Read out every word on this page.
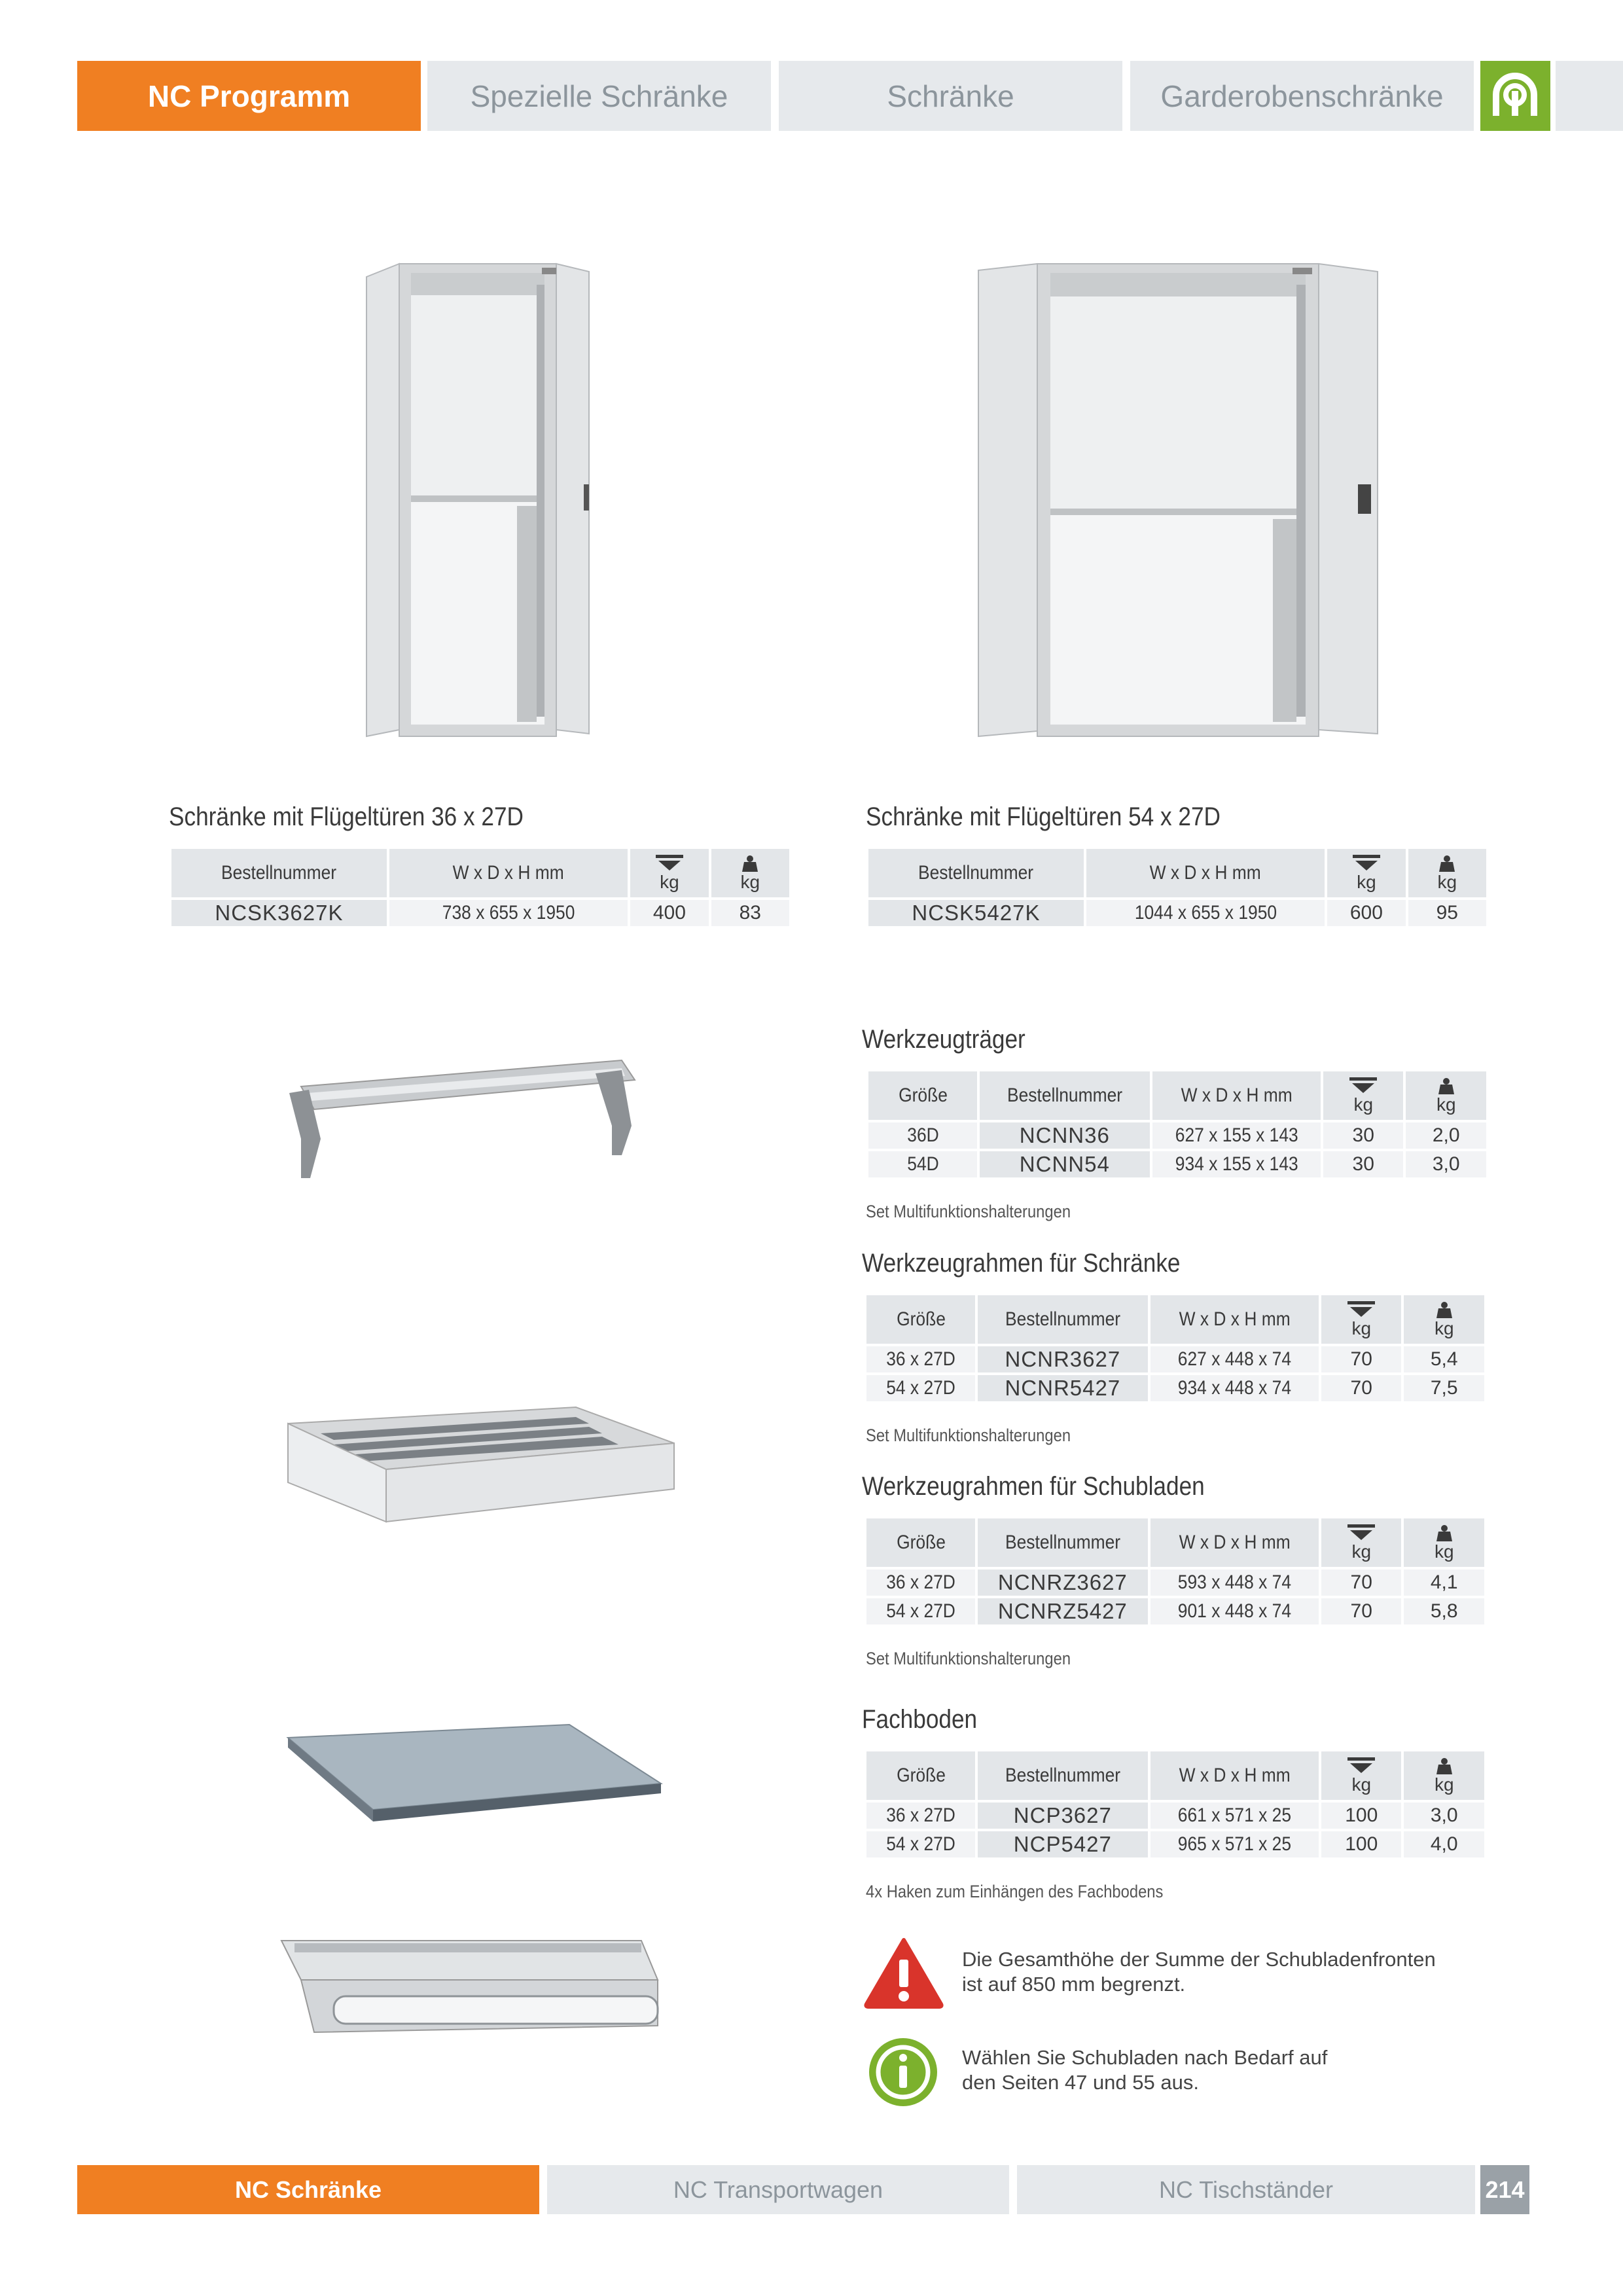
NC Programm	Spezielle Schränke	Schränke	Garderobenschränke
Schränke mit Flügeltüren 36 x 27D
Bestellnummer	W x D x H mm	kg	kg

NCSK3627K	738 x 655 x 1950	400	83
Schränke mit Flügeltüren 54 x 27D
Bestellnummer	W x D x H mm	kg	kg

NCSK5427K	1044 x 655 x 1950	600	95
Werkzeugträger
Größe	Bestellnummer	W x D x H mm	kg	kg

36D	NCNN36	627 x 155 x 143	30	2,0
54D	NCNN54	934 x 155 x 143	30	3,0
Set Multifunktionshalterungen
Werkzeugrahmen für Schränke
Größe	Bestellnummer	W x D x H mm	kg	kg

36 x 27D	NCNR3627	627 x 448 x 74	70	5,4
54 x 27D	NCNR5427	934 x 448 x 74	70	7,5
Set Multifunktionshalterungen
Werkzeugrahmen für Schubladen
Größe	Bestellnummer	W x D x H mm	kg	kg

36 x 27D	NCNRZ3627	593 x 448 x 74	70	4,1
54 x 27D	NCNRZ5427	901 x 448 x 74	70	5,8
Set Multifunktionshalterungen
Fachboden
Größe	Bestellnummer	W x D x H mm	kg	kg

36 x 27D	NCP3627	661 x 571 x 25	100	3,0
54 x 27D	NCP5427	965 x 571 x 25	100	4,0
4x Haken zum Einhängen des Fachbodens
Die Gesamthöhe der Summe der Schubladenfronten
ist auf 850 mm begrenzt.
Wählen Sie Schubladen nach Bedarf auf
den Seiten 47 und 55 aus.
NC Schränke	NC Transportwagen	NC Tischständer	214
